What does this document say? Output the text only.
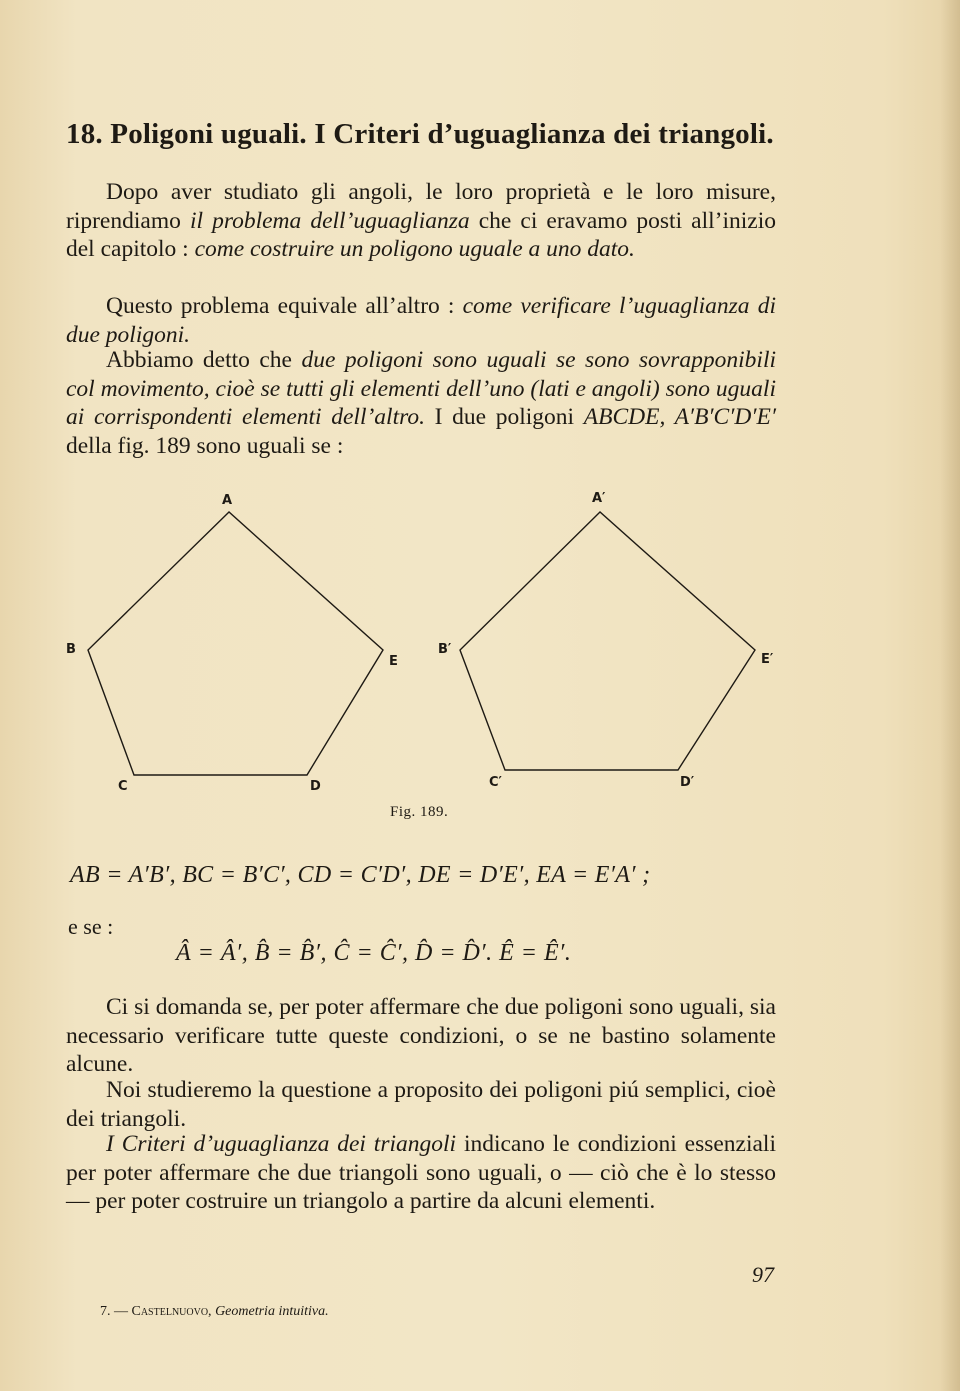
18. Poligoni uguali. I Criteri d’uguaglianza dei triangoli.

Dopo aver studiato gli angoli, le loro proprietà e le loro misure, riprendiamo il problema dell’uguaglianza che ci eravamo posti all’inizio del capitolo : come costruire un poligono uguale a uno dato.

Questo problema equivale all’altro : come verificare l’uguaglianza di due poligoni.

Abbiamo detto che due poligoni sono uguali se sono sovrapponibili col movimento, cioè se tutti gli elementi dell’uno (lati e angoli) sono uguali ai corrispondenti elementi dell’altro. I due poligoni ABCDE, A′B′C′D′E′ della fig. 189 sono uguali se :

A
B
C	D
E
A′
B′
C′	D′
E′
Fig. 189.
AB = A′B′, BC = B′C′, CD = C′D′, DE = D′E′, EA = E′A′ ;
e se :
Â = Â′, B̂ = B̂′, Ĉ = Ĉ′, D̂ = D̂′. Ê = Ê′.

Ci si domanda se, per poter affermare che due poligoni sono uguali, sia necessario verificare tutte queste condizioni, o se ne bastino solamente alcune.

Noi studieremo la questione a proposito dei poligoni piú semplici, cioè dei triangoli.

I Criteri d’uguaglianza dei triangoli indicano le condizioni essenziali per poter affermare che due triangoli sono uguali, o — ciò che è lo stesso — per poter costruire un triangolo a partire da alcuni elementi.

97
7. — Castelnuovo, Geometria intuitiva.
